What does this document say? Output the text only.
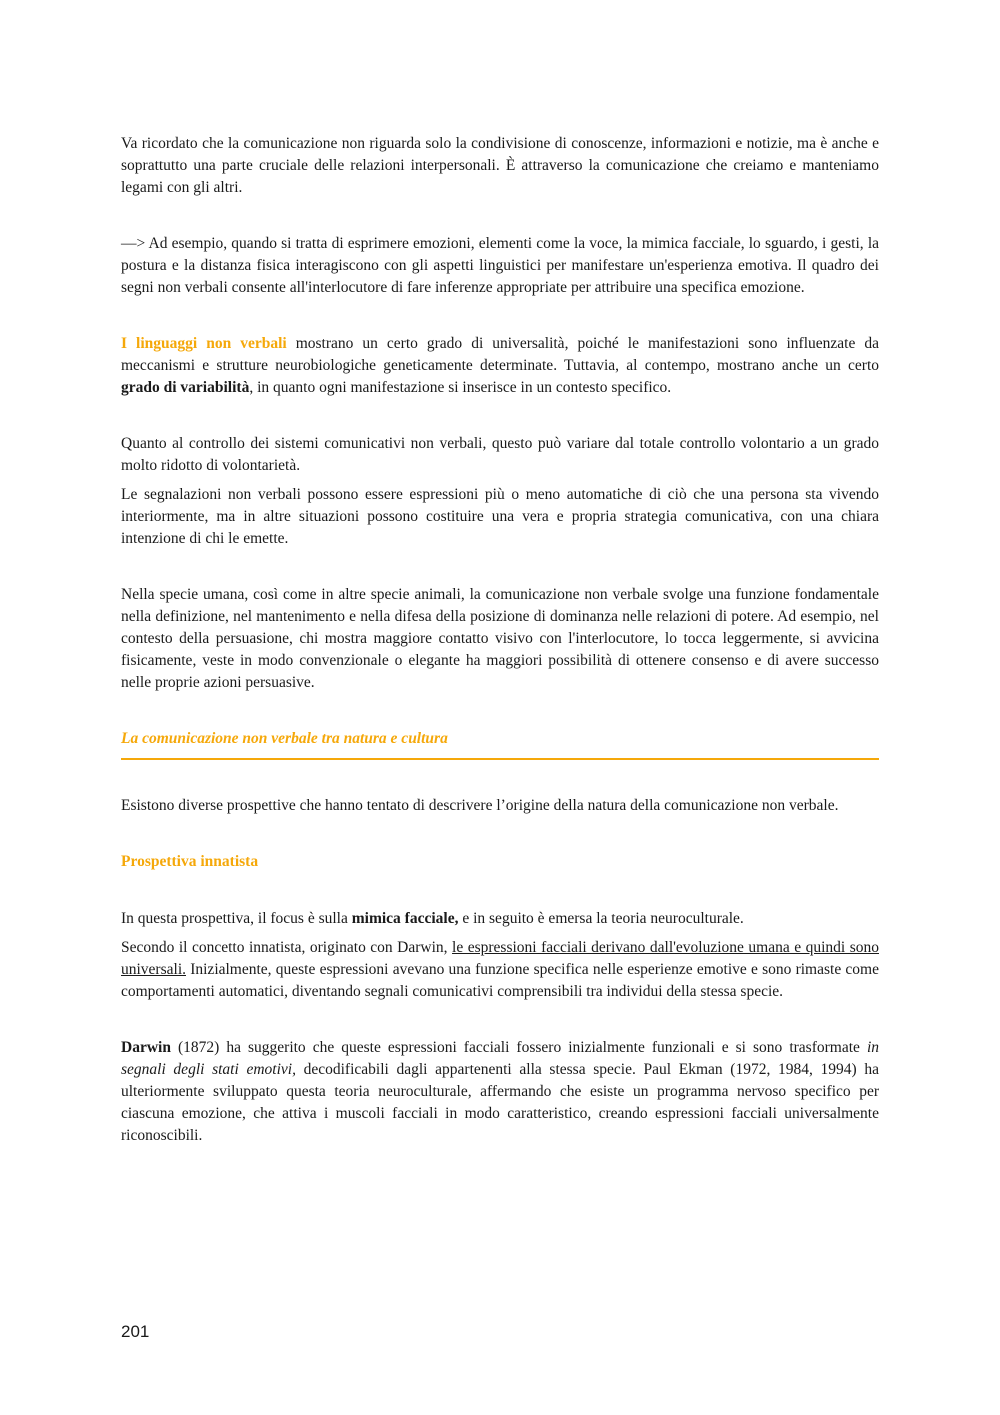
Va ricordato che la comunicazione non riguarda solo la condivisione di conoscenze, informazioni e notizie, ma è anche e soprattutto una parte cruciale delle relazioni interpersonali. È attraverso la comunicazione che creiamo e manteniamo legami con gli altri.

—> Ad esempio, quando si tratta di esprimere emozioni, elementi come la voce, la mimica facciale, lo sguardo, i gesti, la postura e la distanza fisica interagiscono con gli aspetti linguistici per manifestare un'esperienza emotiva. Il quadro dei segni non verbali consente all'interlocutore di fare inferenze appropriate per attribuire una specifica emozione.

I linguaggi non verbali mostrano un certo grado di universalità, poiché le manifestazioni sono influenzate da meccanismi e strutture neurobiologiche geneticamente determinate. Tuttavia, al contempo, mostrano anche un certo grado di variabilità, in quanto ogni manifestazione si inserisce in un contesto specifico.

Quanto al controllo dei sistemi comunicativi non verbali, questo può variare dal totale controllo volontario a un grado molto ridotto di volontarietà.

Le segnalazioni non verbali possono essere espressioni più o meno automatiche di ciò che una persona sta vivendo interiormente, ma in altre situazioni possono costituire una vera e propria strategia comunicativa, con una chiara intenzione di chi le emette.

Nella specie umana, così come in altre specie animali, la comunicazione non verbale svolge una funzione fondamentale nella definizione, nel mantenimento e nella difesa della posizione di dominanza nelle relazioni di potere. Ad esempio, nel contesto della persuasione, chi mostra maggiore contatto visivo con l'interlocutore, lo tocca leggermente, si avvicina fisicamente, veste in modo convenzionale o elegante ha maggiori possibilità di ottenere consenso e di avere successo nelle proprie azioni persuasive.

La comunicazione non verbale tra natura e cultura

Esistono diverse prospettive che hanno tentato di descrivere l’origine della natura della comunicazione non verbale.

Prospettiva innatista

In questa prospettiva, il focus è sulla mimica facciale, e in seguito è emersa la teoria neuroculturale.

Secondo il concetto innatista, originato con Darwin, le espressioni facciali derivano dall'evoluzione umana e quindi sono universali. Inizialmente, queste espressioni avevano una funzione specifica nelle esperienze emotive e sono rimaste come comportamenti automatici, diventando segnali comunicativi comprensibili tra individui della stessa specie.

Darwin (1872) ha suggerito che queste espressioni facciali fossero inizialmente funzionali e si sono trasformate in segnali degli stati emotivi, decodificabili dagli appartenenti alla stessa specie. Paul Ekman (1972, 1984, 1994) ha ulteriormente sviluppato questa teoria neuroculturale, affermando che esiste un programma nervoso specifico per ciascuna emozione, che attiva i muscoli facciali in modo caratteristico, creando espressioni facciali universalmente riconoscibili.

201
